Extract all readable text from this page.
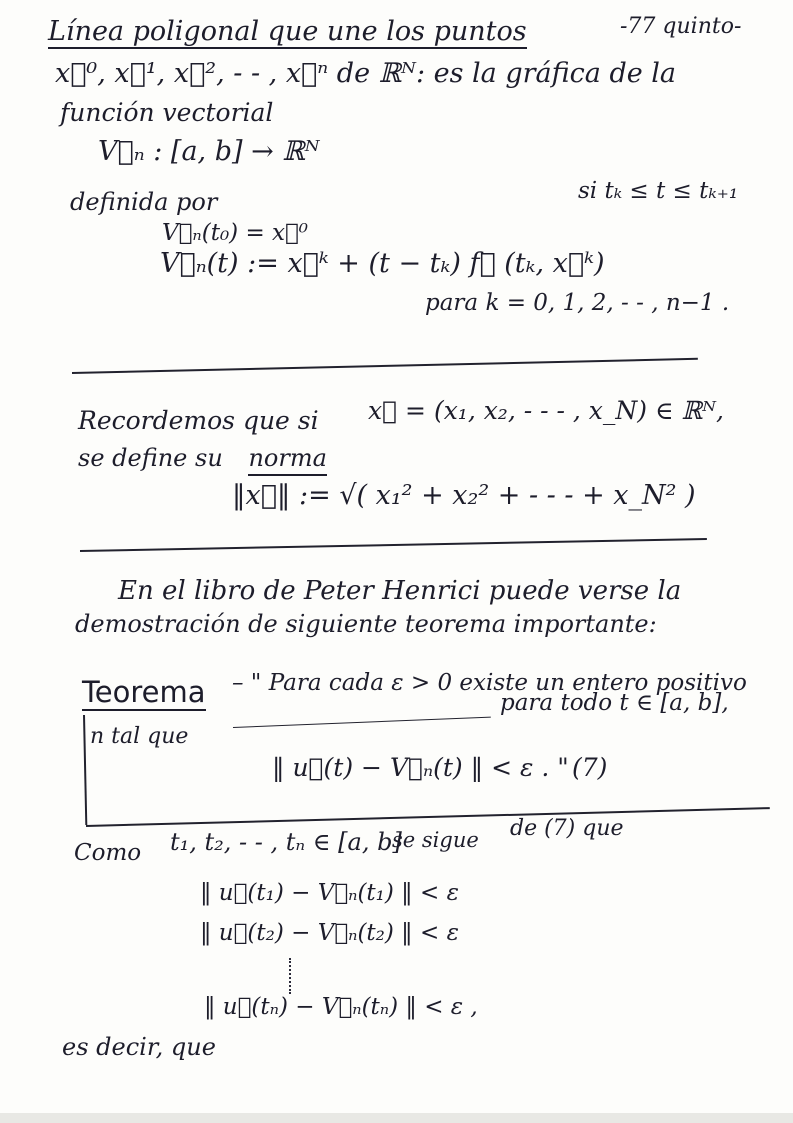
Línea poligonal que une los puntos	-77 quinto-
x⃗⁰, x⃗¹, x⃗², - - , x⃗ⁿ de ℝᴺ: es la gráfica de la
función vectorial
V⃗ₙ : [a, b] → ℝᴺ
definida por	si tₖ ≤ t ≤ tₖ₊₁
V⃗ₙ(t₀) = x⃗⁰
V⃗ₙ(t) := x⃗ᵏ + (t − tₖ) f⃗ (tₖ, x⃗ᵏ)
para k = 0, 1, 2, - - , n−1 .
Recordemos que si x⃗ = (x₁, x₂, - - - , x_N) ∈ ℝᴺ,
se define su norma
‖x⃗‖ := √( x₁² + x₂² + - - - + x_N² )
En el libro de Peter Henrici puede verse la
demostración de siguiente teorema importante:
Teorema – " Para cada ε > 0 existe un entero positivo
para todo t ∈ [a, b],
n tal que
‖ u⃗(t) − V⃗ₙ(t) ‖ < ε . " (7)
Como t₁, t₂, - - , tₙ ∈ [a, b]
se sigue de (7) que
‖ u⃗(t₁) − V⃗ₙ(t₁) ‖ < ε
‖ u⃗(t₂) − V⃗ₙ(t₂) ‖ < ε
‖ u⃗(tₙ) − V⃗ₙ(tₙ) ‖ < ε ,
es decir, que
